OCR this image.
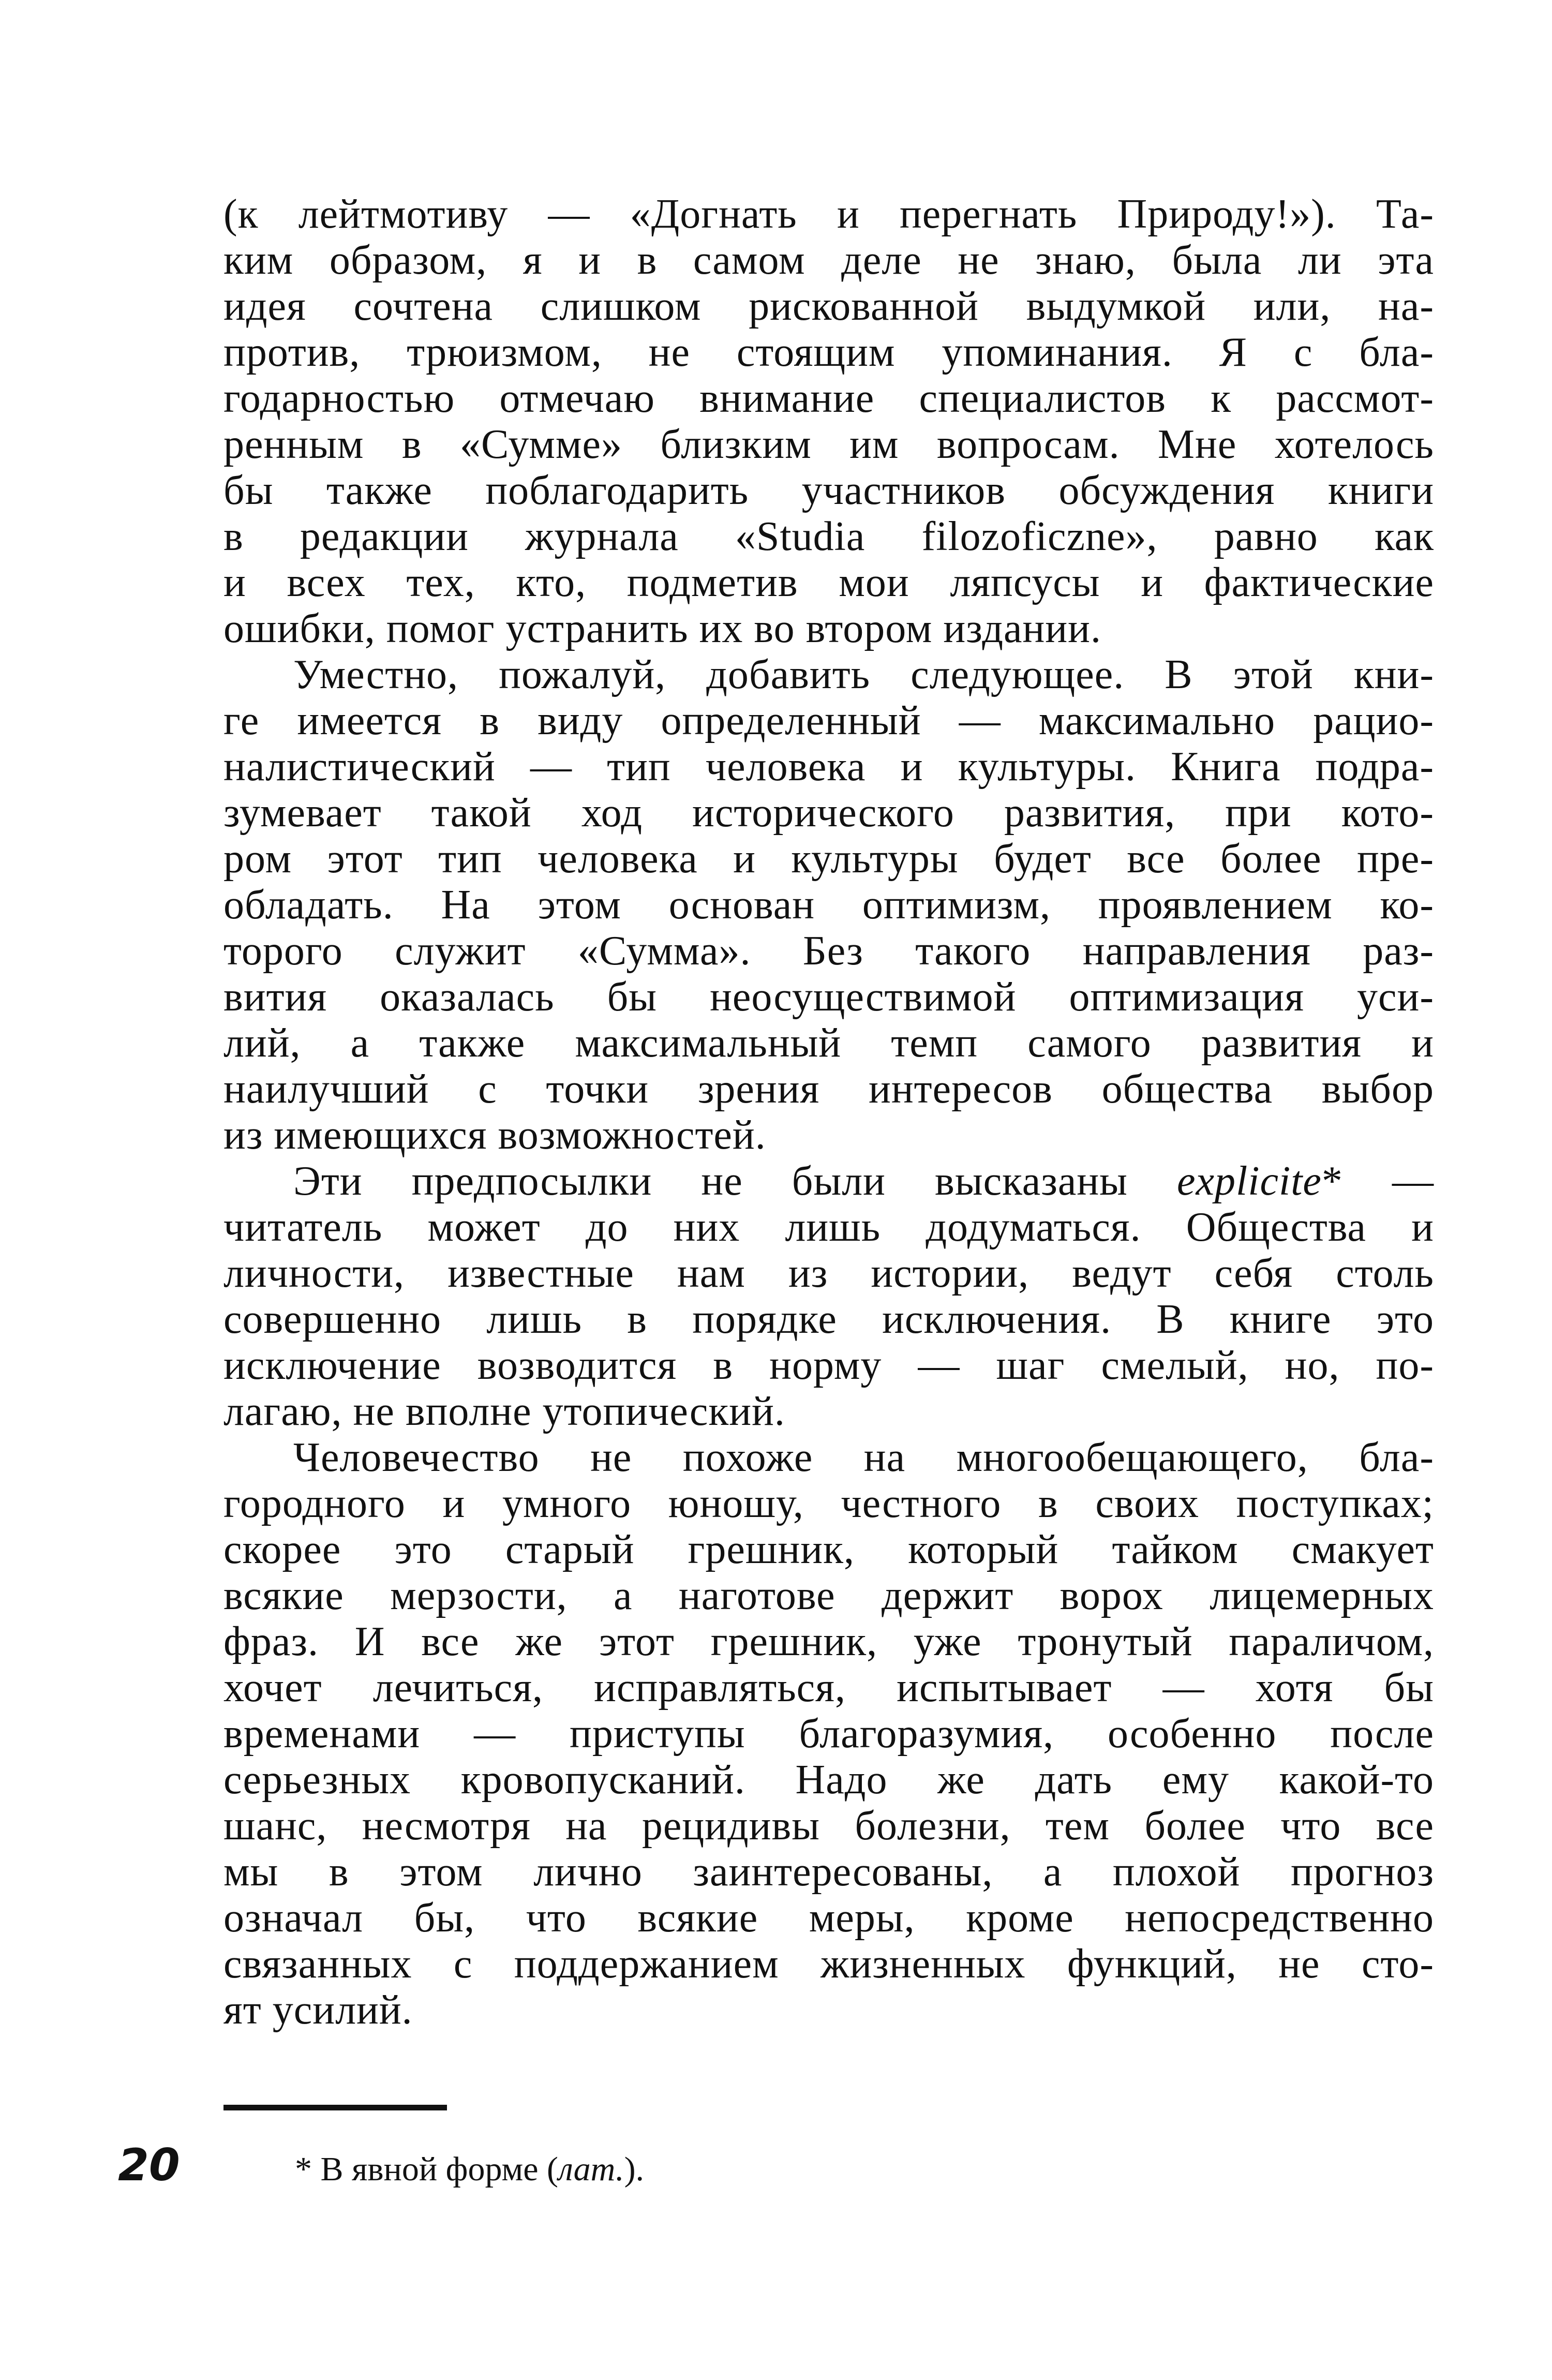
(к лейтмотиву — «Догнать и перегнать Природу!»). Та-
ким образом, я и в самом деле не знаю, была ли эта
идея сочтена слишком рискованной выдумкой или, на-
против, трюизмом, не стоящим упоминания. Я с бла-
годарностью отмечаю внимание специалистов к рассмот-
ренным в «Сумме» близким им вопросам. Мне хотелось
бы также поблагодарить участников обсуждения книги
в редакции журнала «Studia filozoficzne», равно как
и всех тех, кто, подметив мои ляпсусы и фактические
ошибки, помог устранить их во втором издании.
Уместно, пожалуй, добавить следующее. В этой кни-
ге имеется в виду определенный — максимально рацио-
налистический — тип человека и культуры. Книга подра-
зумевает такой ход исторического развития, при кото-
ром этот тип человека и культуры будет все более пре-
обладать. На этом основан оптимизм, проявлением ко-
торого служит «Сумма». Без такого направления раз-
вития оказалась бы неосуществимой оптимизация уси-
лий, а также максимальный темп самого развития и
наилучший с точки зрения интересов общества выбор
из имеющихся возможностей.
Эти предпосылки не были высказаны explicite* —
читатель может до них лишь додуматься. Общества и
личности, известные нам из истории, ведут себя столь
совершенно лишь в порядке исключения. В книге это
исключение возводится в норму — шаг смелый, но, по-
лагаю, не вполне утопический.
Человечество не похоже на многообещающего, бла-
городного и умного юношу, честного в своих поступках;
скорее это старый грешник, который тайком смакует
всякие мерзости, а наготове держит ворох лицемерных
фраз. И все же этот грешник, уже тронутый параличом,
хочет лечиться, исправляться, испытывает — хотя бы
временами — приступы благоразумия, особенно после
серьезных кровопусканий. Надо же дать ему какой-то
шанс, несмотря на рецидивы болезни, тем более что все
мы в этом лично заинтересованы, а плохой прогноз
означал бы, что всякие меры, кроме непосредственно
связанных с поддержанием жизненных функций, не сто-
ят усилий.
20	* В явной форме (лат.).
